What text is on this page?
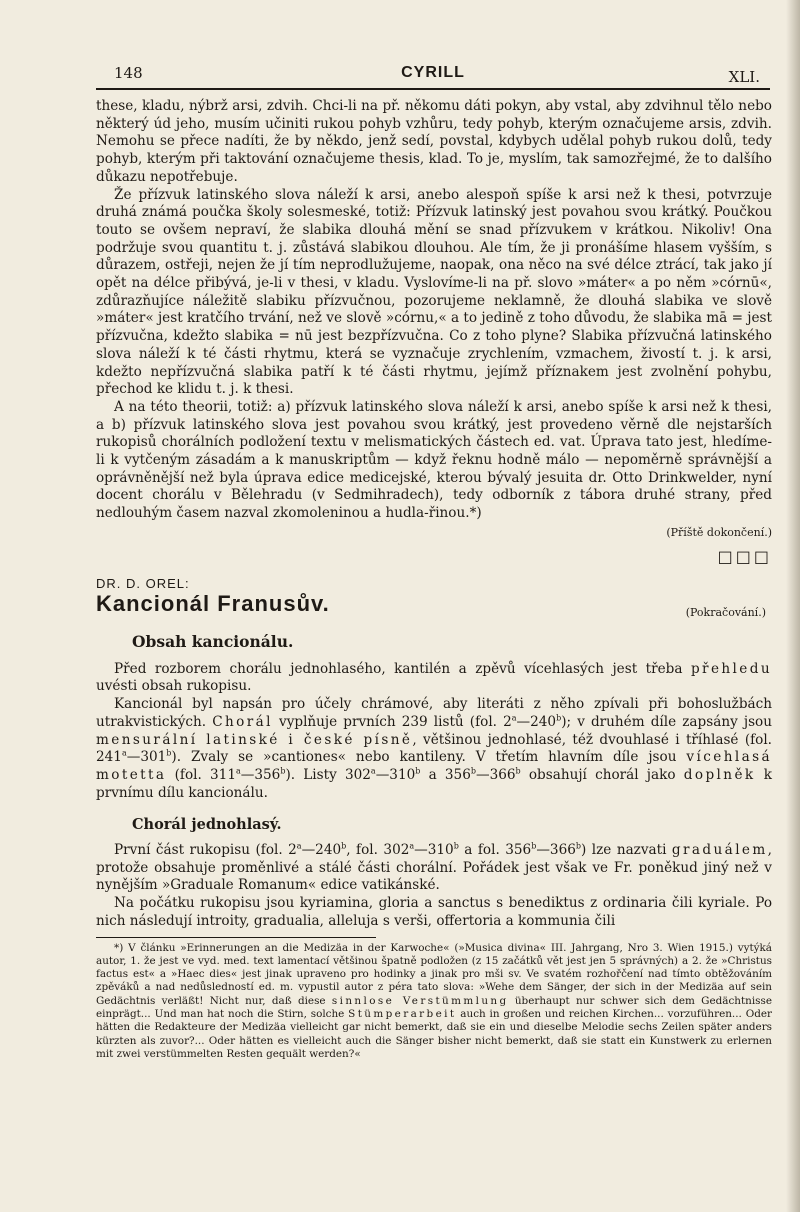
148	CYRILL	XLI.

these, kladu, nýbrž arsi, zdvih. Chci-li na př. někomu dáti pokyn, aby vstal, aby zdvihnul tělo nebo některý úd jeho, musím učiniti rukou pohyb vzhůru, tedy pohyb, kterým označujeme arsis, zdvih. Nemohu se přece nadíti, že by někdo, jenž sedí, povstal, kdybych udělal pohyb rukou dolů, tedy pohyb, kterým při taktování označujeme thesis, klad. To je, myslím, tak samozřejmé, že to dalšího důkazu nepotřebuje.

Že přízvuk latinského slova náleží k arsi, anebo alespoň spíše k arsi než k thesi, potvrzuje druhá známá poučka školy solesmeské, totiž: Přízvuk latinský jest povahou svou krátký. Poučkou touto se ovšem nepraví, že slabika dlouhá mění se snad přízvukem v krátkou. Nikoliv! Ona podržuje svou quantitu t. j. zůstává slabikou dlouhou. Ale tím, že ji pronášíme hlasem vyšším, s důrazem, ostřeji, nejen že jí tím neprodlužujeme, naopak, ona něco na své délce ztrácí, tak jako jí opět na délce přibývá, je-li v thesi, v kladu. Vyslovíme-li na př. slovo »máter« a po něm »córnū«, zdůrazňujíce náležitě slabiku přízvučnou, pozorujeme neklamně, že dlouhá slabika ve slově »máter« jest kratčího trvání, než ve slově »córnu,« a to jedině z toho důvodu, že slabika mā = jest přízvučna, kdežto slabika = nū jest bezpřízvučna. Co z toho plyne? Slabika přízvučná latinského slova náleží k té části rhytmu, která se vyznačuje zrychlením, vzmachem, živostí t. j. k arsi, kdežto nepřízvučná slabika patří k té části rhytmu, jejímž příznakem jest zvolnění pohybu, přechod ke klidu t. j. k thesi.

A na této theorii, totiž: a) přízvuk latinského slova náleží k arsi, anebo spíše k arsi než k thesi, a b) přízvuk latinského slova jest povahou svou krátký, jest provedeno věrně dle nejstarších rukopisů chorálních podložení textu v melismatických částech ed. vat. Úprava tato jest, hledíme-li k vytčeným zásadám a k manuskriptům — když řeknu hodně málo — nepoměrně správnější a oprávněnější než byla úprava edice medicejské, kterou bývalý jesuita dr. Otto Drinkwelder, nyní docent chorálu v Bělehradu (v Sedmihradech), tedy odborník z tábora druhé strany, před nedlouhým časem nazval zkomoleninou a hudla-řinou.*)

(Příště dokončení.)
□□□
DR. D. OREL:
Kancionál Franusův.	(Pokračování.)
Obsah kancionálu.

Před rozborem chorálu jednohlasého, kantilén a zpěvů vícehlasých jest třeba přehledu uvésti obsah rukopisu.

Kancionál byl napsán pro účely chrámové, aby literáti z něho zpívali při bohoslužbách utrakvistických. Chorál vyplňuje prvních 239 listů (fol. 2$^a$—240$^b$); v druhém díle zapsány jsou mensurální latinské i české písně, většinou jednohlasé, též dvouhlasé i tříhlasé (fol. 241$^a$—301$^b$). Zvaly se »cantiones« nebo kantileny. V třetím hlavním díle jsou vícehlasá motetta (fol. 311$^a$—356$^b$). Listy 302$^a$—310$^b$ a 356$^b$—366$^b$ obsahují chorál jako doplněk k prvnímu dílu kancionálu.

Chorál jednohlasý.

První část rukopisu (fol. 2$^a$—240$^b$, fol. 302$^a$—310$^b$ a fol. 356$^b$—366$^b$) lze nazvati graduálem, protože obsahuje proměnlivé a stálé části chorální. Pořádek jest však ve Fr. poněkud jiný než v nynějším »Graduale Romanum« edice vatikánské.

Na počátku rukopisu jsou kyriamina, gloria a sanctus s benediktus z ordinaria čili kyriale. Po nich následují introity, gradualia, alleluja s verši, offertoria a kommunia čili

*) V článku »Erinnerungen an die Medizäa in der Karwoche« (»Musica divina« III. Jahrgang, Nro 3. Wien 1915.) vytýká autor, 1. že jest ve vyd. med. text lamentací většinou špatně podložen (z 15 začátků vět jest jen 5 správných) a 2. že »Christus factus est« a »Haec dies« jest jinak upraveno pro hodinky a jinak pro mši sv. Ve svatém rozhořčení nad tímto obtěžováním zpěváků a nad nedůsledností ed. m. vypustil autor z péra tato slova: »Wehe dem Sänger, der sich in der Medizäa auf sein Gedächtnis verläßt! Nicht nur, daß diese sinnlose Verstümmlung überhaupt nur schwer sich dem Gedächtnisse einprägt... Und man hat noch die Stirn, solche Stümperarbeit auch in großen und reichen Kirchen... vorzuführen... Oder hätten die Redakteure der Medizäa vielleicht gar nicht bemerkt, daß sie ein und dieselbe Melodie sechs Zeilen später anders kürzten als zuvor?... Oder hätten es vielleicht auch die Sänger bisher nicht bemerkt, daß sie statt ein Kunstwerk zu erlernen mit zwei verstümmelten Resten gequält werden?«
